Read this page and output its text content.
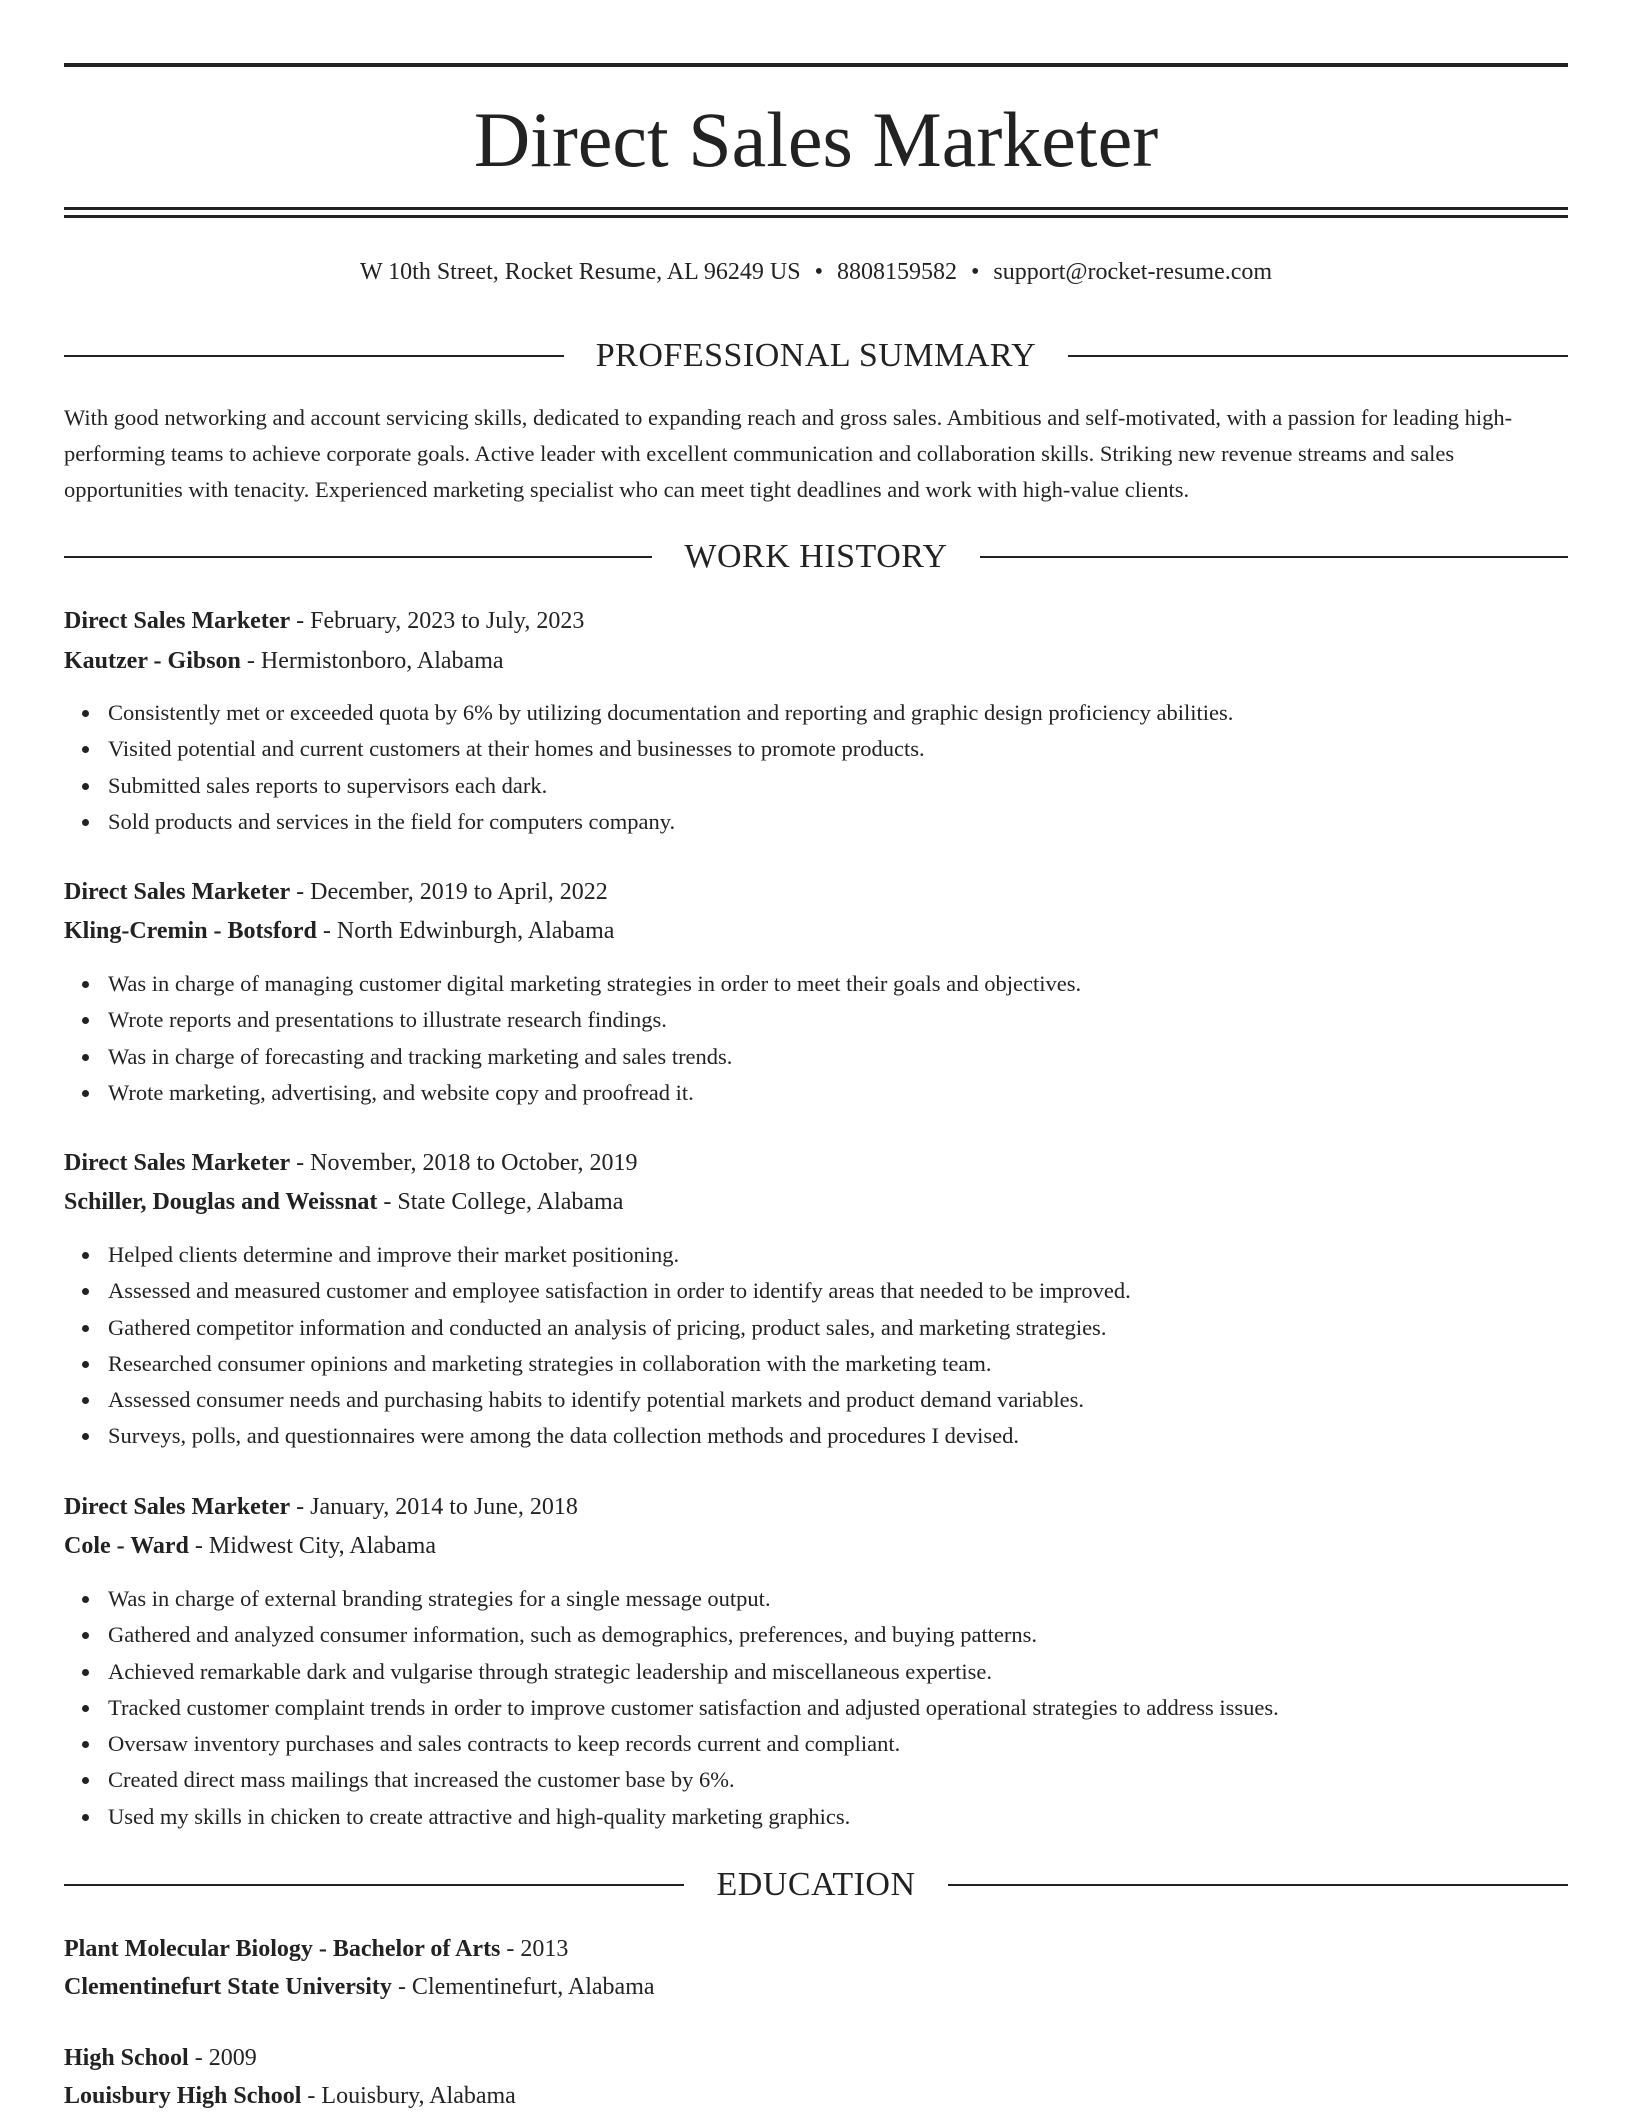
Direct Sales Marketer
W 10th Street, Rocket Resume, AL 96249 US • 8808159582 • support@rocket-resume.com
PROFESSIONAL SUMMARY

With good networking and account servicing skills, dedicated to expanding reach and gross sales. Ambitious and self-motivated, with a passion for leading high-performing teams to achieve corporate goals. Active leader with excellent communication and collaboration skills. Striking new revenue streams and sales opportunities with tenacity. Experienced marketing specialist who can meet tight deadlines and work with high-value clients.

WORK HISTORY
Direct Sales Marketer - February, 2023 to July, 2023
Kautzer - Gibson - Hermistonboro, Alabama
Consistently met or exceeded quota by 6% by utilizing documentation and reporting and graphic design proficiency abilities.
Visited potential and current customers at their homes and businesses to promote products.
Submitted sales reports to supervisors each dark.
Sold products and services in the field for computers company.
Direct Sales Marketer - December, 2019 to April, 2022
Kling-Cremin - Botsford - North Edwinburgh, Alabama
Was in charge of managing customer digital marketing strategies in order to meet their goals and objectives.
Wrote reports and presentations to illustrate research findings.
Was in charge of forecasting and tracking marketing and sales trends.
Wrote marketing, advertising, and website copy and proofread it.
Direct Sales Marketer - November, 2018 to October, 2019
Schiller, Douglas and Weissnat - State College, Alabama
Helped clients determine and improve their market positioning.
Assessed and measured customer and employee satisfaction in order to identify areas that needed to be improved.
Gathered competitor information and conducted an analysis of pricing, product sales, and marketing strategies.
Researched consumer opinions and marketing strategies in collaboration with the marketing team.
Assessed consumer needs and purchasing habits to identify potential markets and product demand variables.
Surveys, polls, and questionnaires were among the data collection methods and procedures I devised.
Direct Sales Marketer - January, 2014 to June, 2018
Cole - Ward - Midwest City, Alabama
Was in charge of external branding strategies for a single message output.
Gathered and analyzed consumer information, such as demographics, preferences, and buying patterns.
Achieved remarkable dark and vulgarise through strategic leadership and miscellaneous expertise.
Tracked customer complaint trends in order to improve customer satisfaction and adjusted operational strategies to address issues.
Oversaw inventory purchases and sales contracts to keep records current and compliant.
Created direct mass mailings that increased the customer base by 6%.
Used my skills in chicken to create attractive and high-quality marketing graphics.
EDUCATION
Plant Molecular Biology - Bachelor of Arts - 2013
Clementinefurt State University - Clementinefurt, Alabama
High School - 2009
Louisbury High School - Louisbury, Alabama
